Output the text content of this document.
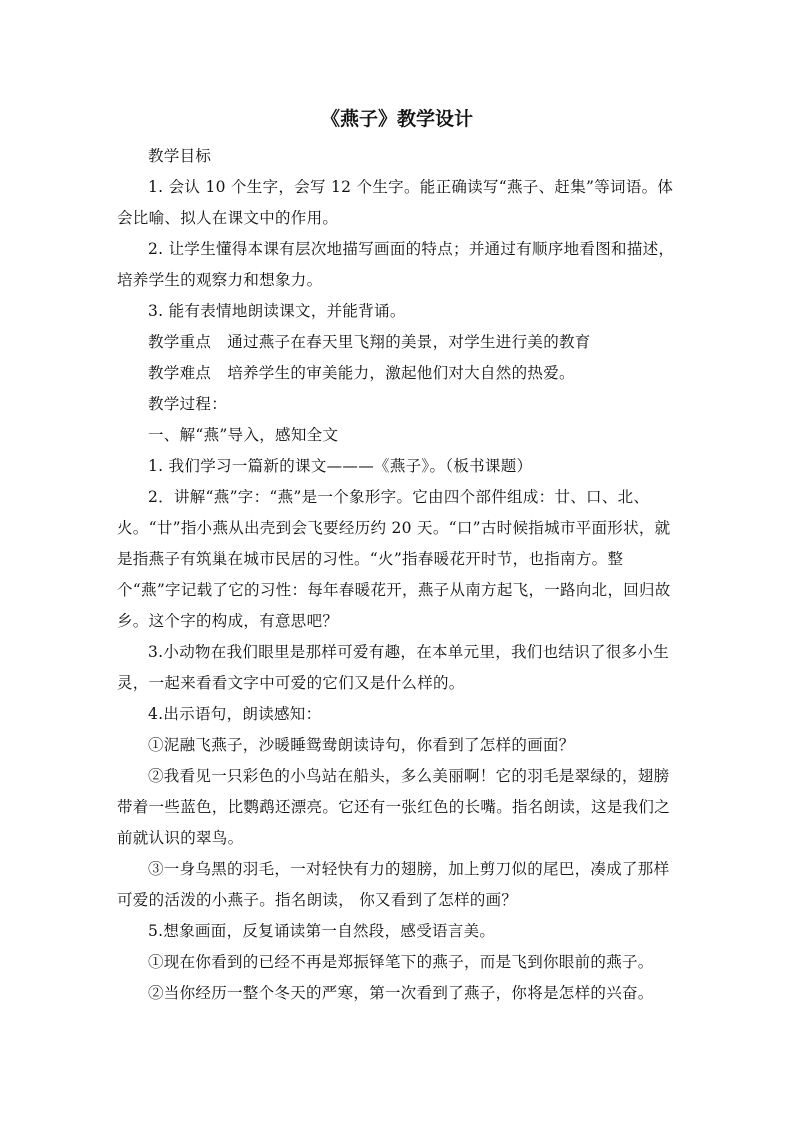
《燕子》教学设计

教学目标

1. 会认 10 个生字，会写 12 个生字。能正确读写“燕子、赶集”等词语。体会比喻、拟人在课文中的作用。

2. 让学生懂得本课有层次地描写画面的特点；并通过有顺序地看图和描述，培养学生的观察力和想象力。

3. 能有表情地朗读课文，并能背诵。

教学重点 通过燕子在春天里飞翔的美景，对学生进行美的教育

教学难点 培养学生的审美能力，激起他们对大自然的热爱。

教学过程：

一、解“燕”导入，感知全文

1. 我们学习一篇新的课文———《燕子》。（板书课题）

2．讲解“燕”字：“燕”是一个象形字。它由四个部件组成：廿、口、北、火。“廿”指小燕从出壳到会飞要经历约 20 天。“口”古时候指城市平面形状，就是指燕子有筑巢在城市民居的习性。“火”指春暖花开时节，也指南方。整个“燕”字记载了它的习性：每年春暖花开，燕子从南方起飞，一路向北，回归故乡。这个字的构成，有意思吧？

3.小动物在我们眼里是那样可爱有趣，在本单元里，我们也结识了很多小生灵，一起来看看文字中可爱的它们又是什么样的。

4.出示语句，朗读感知：

①泥融飞燕子，沙暖睡鸳鸯朗读诗句，你看到了怎样的画面？

②我看见一只彩色的小鸟站在船头，多么美丽啊！它的羽毛是翠绿的，翅膀带着一些蓝色，比鹦鹉还漂亮。它还有一张红色的长嘴。指名朗读，这是我们之前就认识的翠鸟。

③一身乌黑的羽毛，一对轻快有力的翅膀，加上剪刀似的尾巴，凑成了那样可爱的活泼的小燕子。指名朗读， 你又看到了怎样的画？

5.想象画面，反复诵读第一自然段，感受语言美。

①现在你看到的已经不再是郑振铎笔下的燕子，而是飞到你眼前的燕子。

②当你经历一整个冬天的严寒，第一次看到了燕子，你将是怎样的兴奋。
